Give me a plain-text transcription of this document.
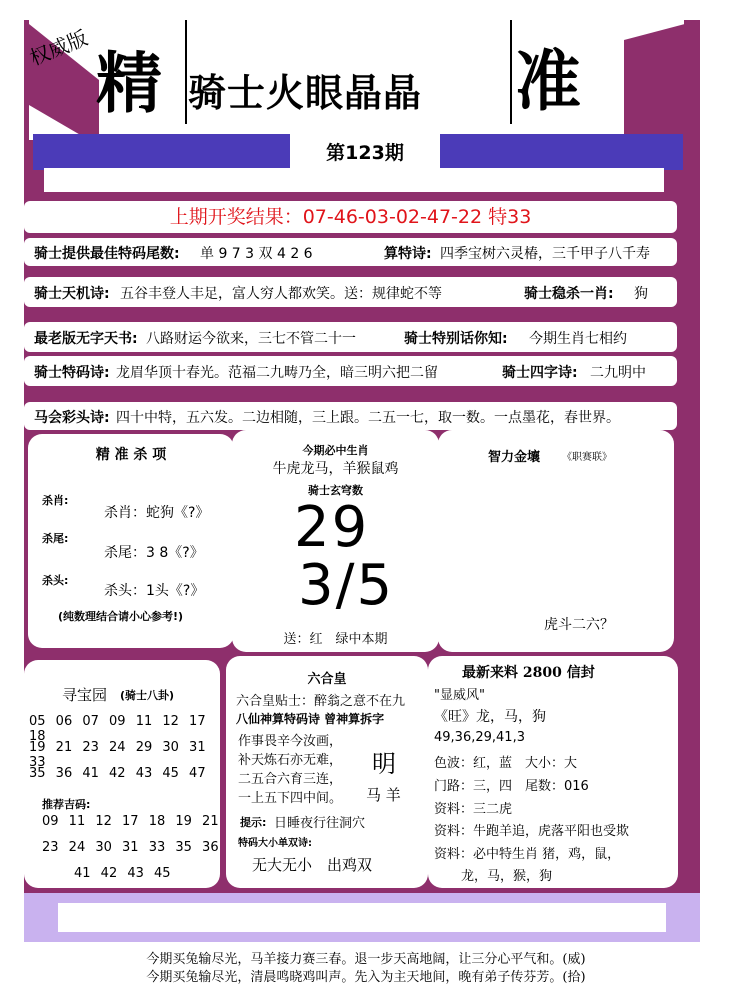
权威版 精 骑士火眼晶晶 准
第123期
上期开奖结果：07-46-03-02-47-22 特33
骑士提供最佳特码尾数: 单 9 7 3 双 4 2 6	算特诗: 四季宝树六灵椿，三千甲子八千寿
骑士天机诗: 五谷丰登人丰足，富人穷人都欢笑。送：规律蛇不等	骑士稳杀一肖: 狗
最老版无字天书: 八路财运今欲来，三七不管二十一	骑士特别话你知: 今期生肖七相约
骑士特码诗: 龙眉华顶十春光。范福二九畴乃全，暗三明六把二留	骑士四字诗: 二九明中
马会彩头诗: 四十中特，五六发。二边相随，三上跟。二五一七，取一数。一点墨花，春世界。
精 准 杀 项
杀肖:
杀肖：蛇狗《?》
杀尾:
杀尾：3 8《?》
杀头:
杀头：1头《?》
(纯数理结合请小心参考!)
今期必中生肖
牛虎龙马，羊猴鼠鸡
骑士玄穹数
29
3/5
送：红　绿中本期
智力金壤 《职赛联》
虎斗二六？
寻宝园 (骑士八卦)
05 06 07 09 11 12 17 18
19 21 23 24 29 30 31 33
35 36 41 42 43 45 47
推荐吉码:
09 11 12 17 18 19 21
23 24 30 31 33 35 36
41 42 43 45
六合皇
六合皇贴士：醉翁之意不在九
八仙神算特码诗 曾神算拆字
作事畏辛今汝画，
补天炼石亦无难，
二五合六育三连，
一上五下四中间。
明
马 羊
提示: 日睡夜行往洞穴
特码大小单双诗:
无大无小　出鸡双
最新来料 2800 信封
"显威风"
《旺》龙，马，狗
49,36,29,41,3
色波：红，蓝　大小：大
门路：三，四　尾数：016
资料：三二虎
资料：牛跑羊追，虎落平阳也受欺
资料：必中特生肖 猪，鸡，鼠，
　龙，马，猴，狗
今期买兔输尽光，马羊接力赛三春。退一步天高地阔，让三分心平气和。(威)
今期买兔输尽光，清晨鸣晓鸡叫声。先入为主天地间，晚有弟子传芬芳。(拾)
